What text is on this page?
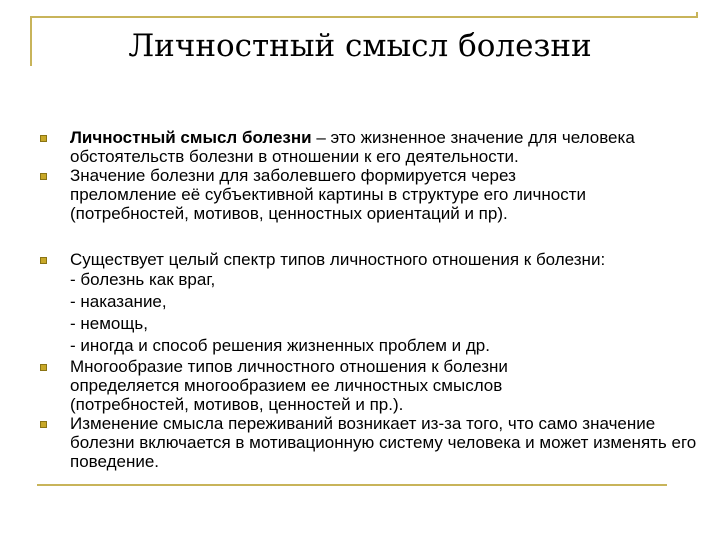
Личностный смысл болезни
Личностный смысл болезни – это жизненное значение для человека обстоятельств болезни в отношении к его деятельности.
Значение болезни для заболевшего формируется через преломление её субъективной картины в структуре его личности (потребностей, мотивов, ценностных ориентаций и пр).
Существует целый спектр типов личностного отношения к болезни:
- болезнь как враг,
- наказание,
- немощь,
- иногда и способ решения жизненных проблем и др.
Многообразие типов личностного отношения к болезни определяется многообразием ее личностных смыслов (потребностей, мотивов, ценностей и пр.).
Изменение смысла переживаний возникает из-за того, что само значение болезни включается в мотивационную систему человека и может изменять его поведение.
